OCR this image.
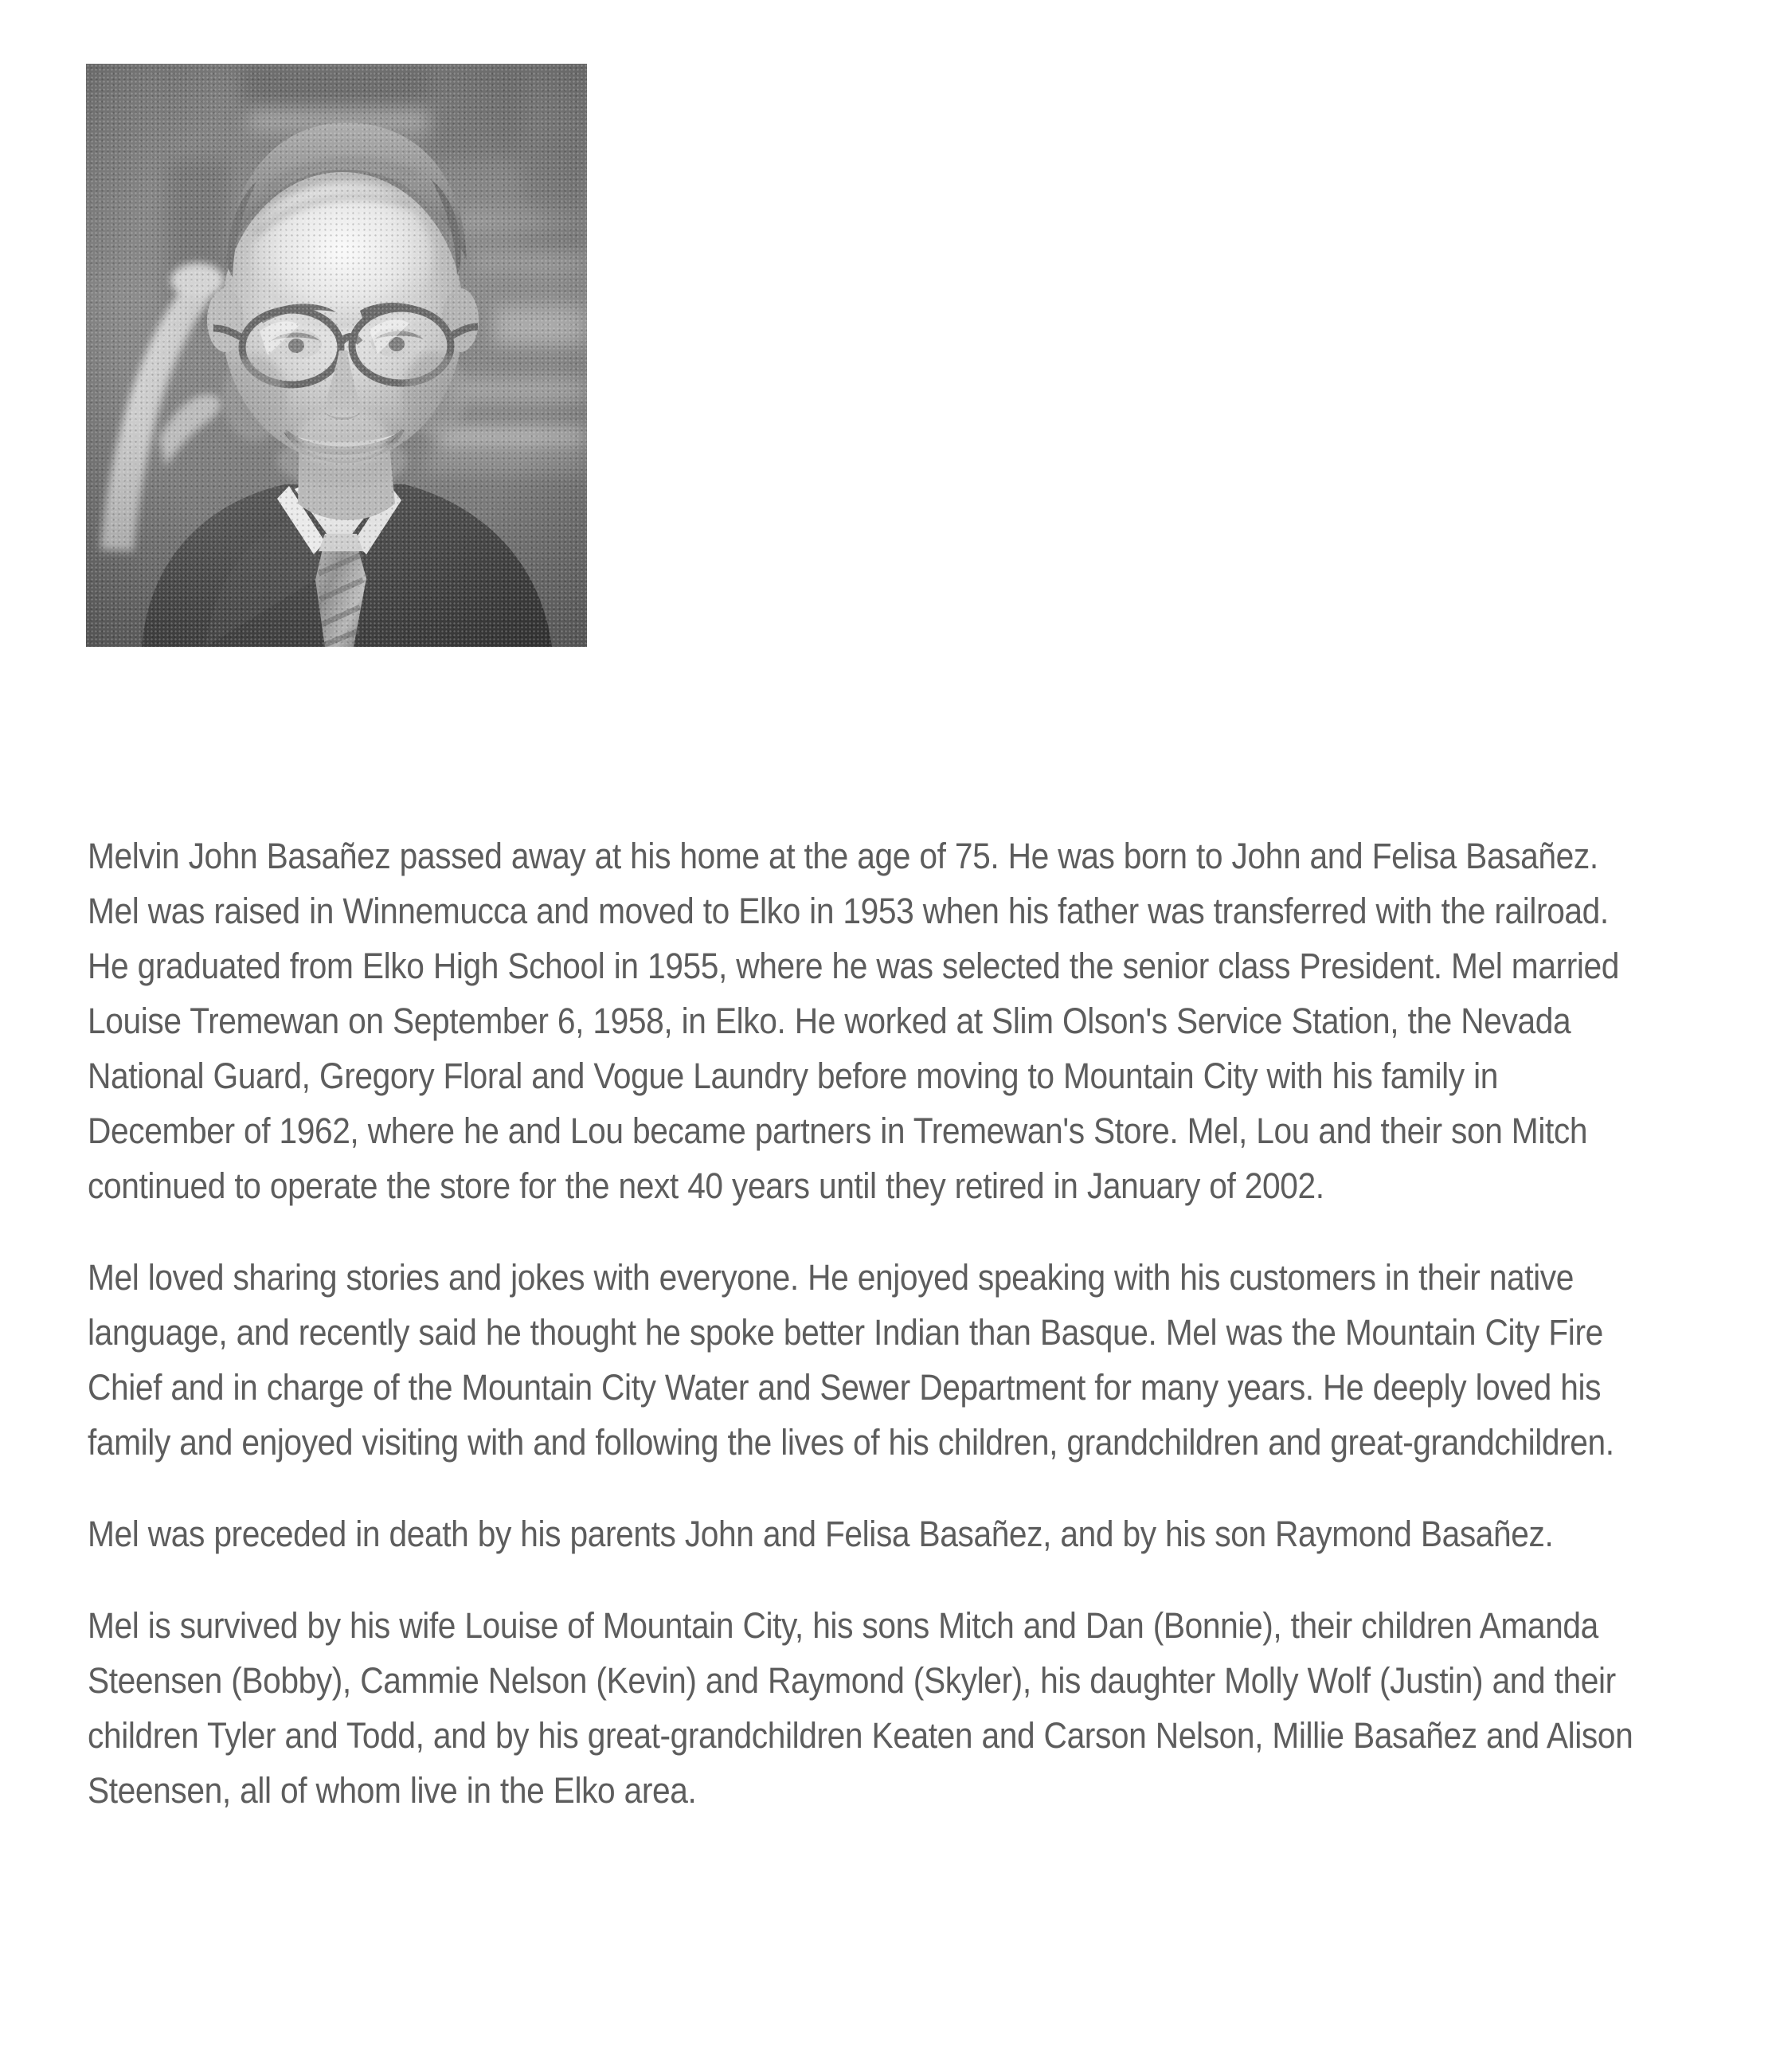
Melvin John Basañez passed away at his home at the age of 75. He was born to John and Felisa Basañez. Mel was raised in Winnemucca and moved to Elko in 1953 when his father was transferred with the railroad. He graduated from Elko High School in 1955, where he was selected the senior class President. Mel married Louise Tremewan on September 6, 1958, in Elko. He worked at Slim Olson's Service Station, the Nevada National Guard, Gregory Floral and Vogue Laundry before moving to Mountain City with his family in December of 1962, where he and Lou became partners in Tremewan's Store. Mel, Lou and their son Mitch continued to operate the store for the next 40 years until they retired in January of 2002.

Mel loved sharing stories and jokes with everyone. He enjoyed speaking with his customers in their native language, and recently said he thought he spoke better Indian than Basque. Mel was the Mountain City Fire Chief and in charge of the Mountain City Water and Sewer Department for many years. He deeply loved his family and enjoyed visiting with and following the lives of his children, grandchildren and great-grandchildren.

Mel was preceded in death by his parents John and Felisa Basañez, and by his son Raymond Basañez.

Mel is survived by his wife Louise of Mountain City, his sons Mitch and Dan (Bonnie), their children Amanda Steensen (Bobby), Cammie Nelson (Kevin) and Raymond (Skyler), his daughter Molly Wolf (Justin) and their children Tyler and Todd, and by his great-grandchildren Keaten and Carson Nelson, Millie Basañez and Alison Steensen, all of whom live in the Elko area.
